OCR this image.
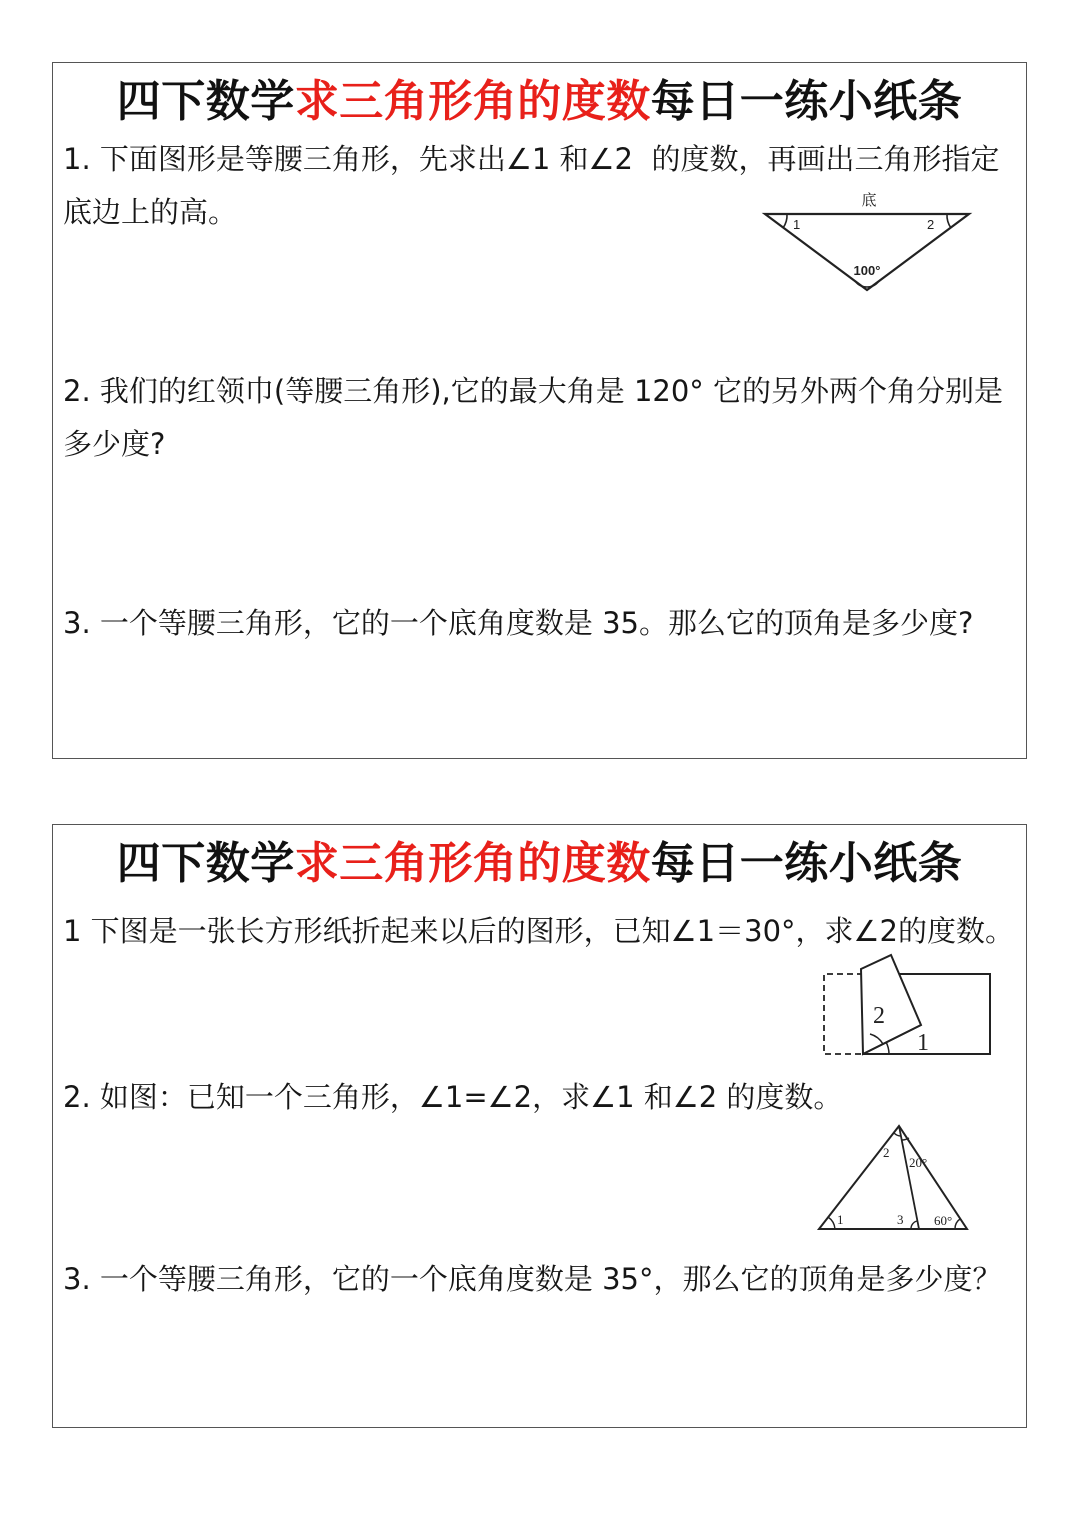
四下数学求三角形角的度数每日一练小纸条
1. 下面图形是等腰三角形，先求出∠1 和∠2  的度数，再画出三角形指定底边上的高。	底
1	2
100°
2. 我们的红领巾(等腰三角形),它的最大角是 120° 它的另外两个角分别是多少度?
3. 一个等腰三角形，它的一个底角度数是 35。那么它的顶角是多少度?
四下数学求三角形角的度数每日一练小纸条
1 下图是一张长方形纸折起来以后的图形，已知∠1＝30°，求∠2的度数。
2
1
2. 如图：已知一个三角形，∠1=∠2，求∠1 和∠2 的度数。
2
20°
1	3 60°
3. 一个等腰三角形，它的一个底角度数是 35°，那么它的顶角是多少度？
